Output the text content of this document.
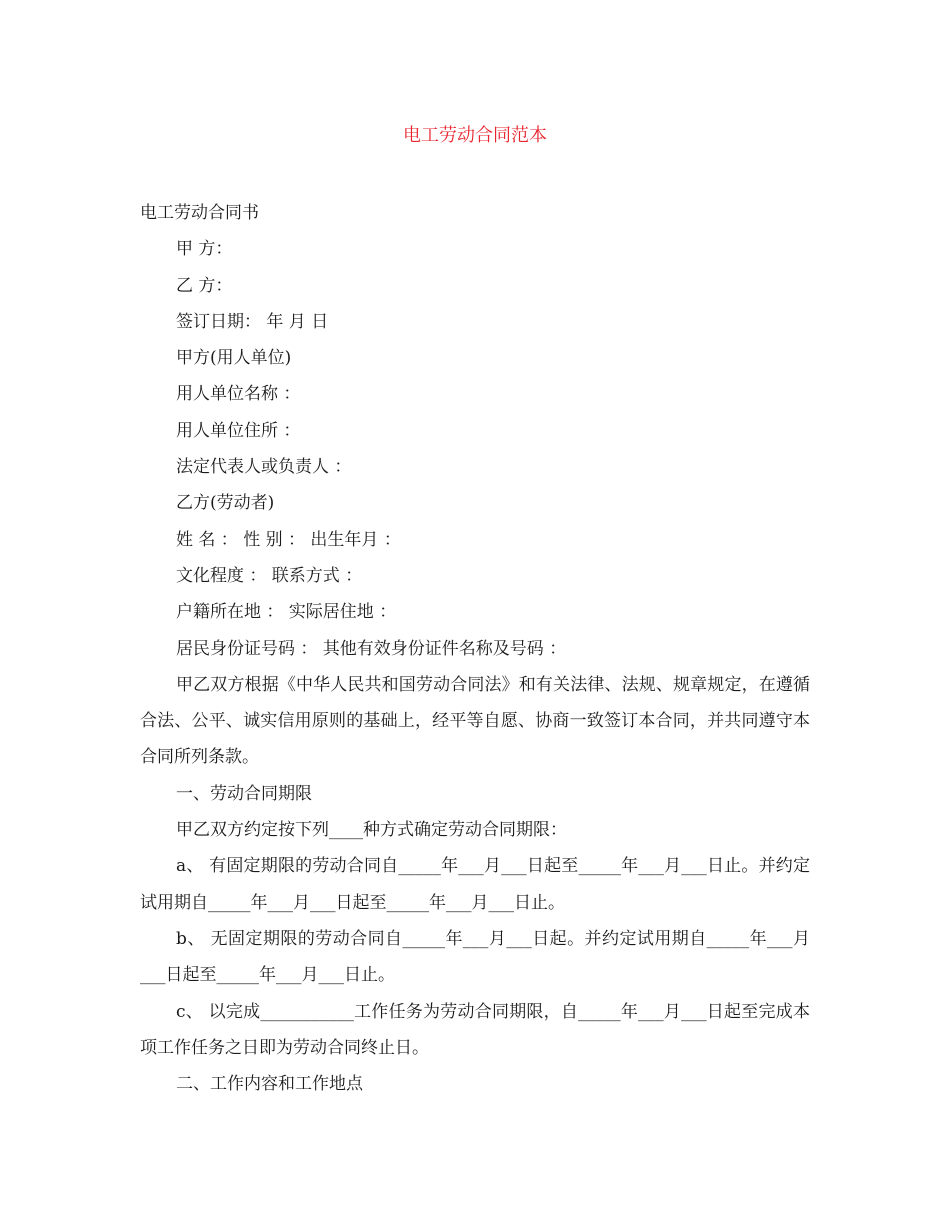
电工劳动合同范本

电工劳动合同书

甲 方：

乙 方：

签订日期： 年 月 日

甲方(用人单位)

用人单位名称 ：

用人单位住所 ：

法定代表人或负责人 ：

乙方(劳动者)

姓 名 ： 性 别 ： 出生年月 ：

文化程度 ： 联系方式 ：

户籍所在地 ： 实际居住地 ：

居民身份证号码 ： 其他有效身份证件名称及号码 ：

甲乙双方根据《中华人民共和国劳动合同法》和有关法律、法规、规章规定，在遵循合法、公平、诚实信用原则的基础上，经平等自愿、协商一致签订本合同，并共同遵守本合同所列条款。

一、劳动合同期限

甲乙双方约定按下列____种方式确定劳动合同期限：

a、 有固定期限的劳动合同自_____年___月___日起至_____年___月___日止。并约定试用期自_____年___月___日起至_____年___月___日止。

b、 无固定期限的劳动合同自_____年___月___日起。并约定试用期自_____年___月___日起至_____年___月___日止。

c、 以完成___________工作任务为劳动合同期限，自_____年___月___日起至完成本项工作任务之日即为劳动合同终止日。

二、工作内容和工作地点
